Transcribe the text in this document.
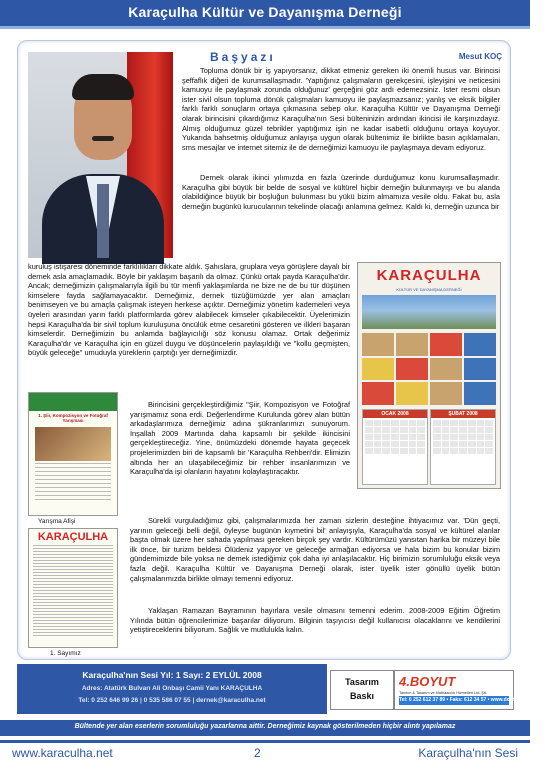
Karaçulha Kültür ve Dayanışma Derneği
Başyazı	Mesut KOÇ

Topluma dönük bir iş yapıyorsanız, dikkat etmeniz gereken iki önemli husus var. Birincisi şeffaflık diğeri de kurumsallaşmadır. 'Yaptığınız çalışmaların gerekçesini, işleyişini ve neticesini kamuoyu ile paylaşmak zorunda olduğunuz' gerçeğini göz ardı edemezsiniz. İster resmi olsun ister sivil olsun topluma dönük çalışmaları kamuoyu ile paylaşmazsanız; yanlış ve eksik bilgiler farklı farklı sonuçların ortaya çıkmasına sebep olur. Karaçulha Kültür ve Dayanışma Derneği olarak birincisini çıkardığımız Karaçulha'nın Sesi bülteninizin ardından ikincisi ile karşınızdayız. Almış olduğumuz güzel tebrikler yaptığımız işin ne kadar isabetli olduğunu ortaya koyuyor. Yukarıda bahsetmiş olduğumuz anlayışa uygun olarak bültenimiz ile birlikte basın açıklamaları, sms mesajlar ve internet sitemiz ile de derneğimizi kamuoyu ile paylaşmaya devam ediyoruz.

Dernek olarak ikinci yılımızda en fazla üzerinde durduğumuz konu kurumsallaşmadır. Karaçulha gibi büyük bir belde de sosyal ve kültürel hiçbir derneğin bulunmayışı ve bu alanda olabildiğince büyük bir boşluğun bulunması bu yükü bizim almamıza vesile oldu. Fakat bu, asla derneğin bugünkü kurucularının tekelinde olacağı anlamına gelmez. Kaldı ki, derneğin uzunca bir

kuruluş istişaresi döneminde farklılıkları dikkate aldık. Şahıslara, gruplara veya görüşlere dayalı bir dernek asla amaçlamadık. Böyle bir yaklaşım başarılı da olmaz. Çünkü ortak payda Karaçulha'dır. Ancak; derneğimizin çalışmalarıyla ilgili bu tür menfi yaklaşımlarda ne bize ne de bu tür düşünen kimselere fayda sağlamayacaktır. Derneğimiz, dernek tüzüğümüzde yer alan amaçları benimseyen ve bu amaçla çalışmak isteyen herkese açıktır. Derneğimiz yönetim kademeleri veya üyeleri arasından yarın farklı platformlarda görev alabilecek kimseler çıkabilecektir. Üyelerimizin hepsi Karaçulha'da bir sivil toplum kuruluşuna öncülük etme cesaretini gösteren ve ilkleri başaran kimselerdir. Derneğimizin bu anlamda bağlayıcılığı söz konusu olamaz. Ortak değerimiz Karaçulha'dır ve Karaçulha için en güzel duygu ve düşüncelerin paylaşıldığı ve "kollu geçmişten, büyük geleceğe" umuduyla yüreklerin çarptığı yer derneğimizdir.

KARAÇULHA
KÜLTÜR VE DAYANIŞMA DERNEĞİ
OCAK 2008	ŞUBAT 2008
1. Şiir, Kompozisyon ve Fotoğraf Yarışması
Yarışma Afişi

Birincisini gerçekleştirdiğimiz "Şiir, Kompozisyon ve Fotoğraf yarışmamız sona erdi. Değerlendirme Kurulunda görev alan bütün arkadaşlarımıza derneğimiz adına şükranlarımızı sunuyorum. İnşallah 2009 Martında daha kapsamlı bir şekilde ikincisini gerçekleştireceğiz. Yine, önümüzdeki dönemde hayata geçecek projelerimizden biri de kapsamlı bir 'Karaçulha Rehberi'dir. Elimizin altında her an ulaşabileceğimiz bir rehber insanlarımızın ve Karaçulha'da işi olanların hayatını kolaylaştıracaktır.

KARAÇULHA
1. Sayımız

Sürekli vurguladığımız gibi, çalışmalarımızda her zaman sizlerin desteğine ihtiyacımız var. 'Dün geçti, yarının geleceği belli değil, öyleyse bugünün kıymetini bil' anlayışıyla, Karaçulha'da sosyal ve kültürel alanlar başta olmak üzere her sahada yapılması gereken birçok şey vardır. Kültürümüzü yansıtan harika bir müzeyi bile ilk önce, bir turizm beldesi Ölüdeniz yapıyor ve geleceğe armağan ediyorsa ve hala bizim bu konular bizim gündemimizde bile yoksa ne demek istediğimiz çok daha iyi anlaşılacaktır. Hiç birimizin sorumluluğu eksik veya fazla değil. Karaçulha Kültür ve Dayanışma Derneği olarak, ister üyelik ister gönüllü üyelik bütün çalışmalarımızda birlikte olmayı temenni ediyoruz.

Yaklaşan Ramazan Bayramının hayırlara vesile olmasını temenni ederim. 2008-2009 Eğitim Öğretim Yılında bütün öğrencilerimize başarılar diliyorum. Bilginin taşıyıcısı değil kullanıcısı olacaklarını ve kendilerini yetiştireceklerini biliyorum. Sağlık ve mutlulukla kalın.

Karaçulha'nın Sesi Yıl: 1 Sayı: 2 EYLÜL 2008
Adres: Atatürk Bulvarı Ali Onbaşı Camii Yanı KARAÇULHA
Tel: 0 252 646 99 26 | 0 535 586 07 55 | dernek@karaculha.net
Tasarım
Baskı
4.BOYUT
Tanıtım & Tasarım ve Matbaacılık Hizmetleri Ltd. Şti.
Tel: 0 252 612 37 89 • Faks: 612 34 57 • www.dordunceboyut.net
Bültende yer alan eserlerin sorumluluğu yazarlarına aittir. Derneğimiz kaynak gösterilmeden hiçbir alıntı yapılamaz
www.karaculha.net	2	Karaçulha'nın Sesi
